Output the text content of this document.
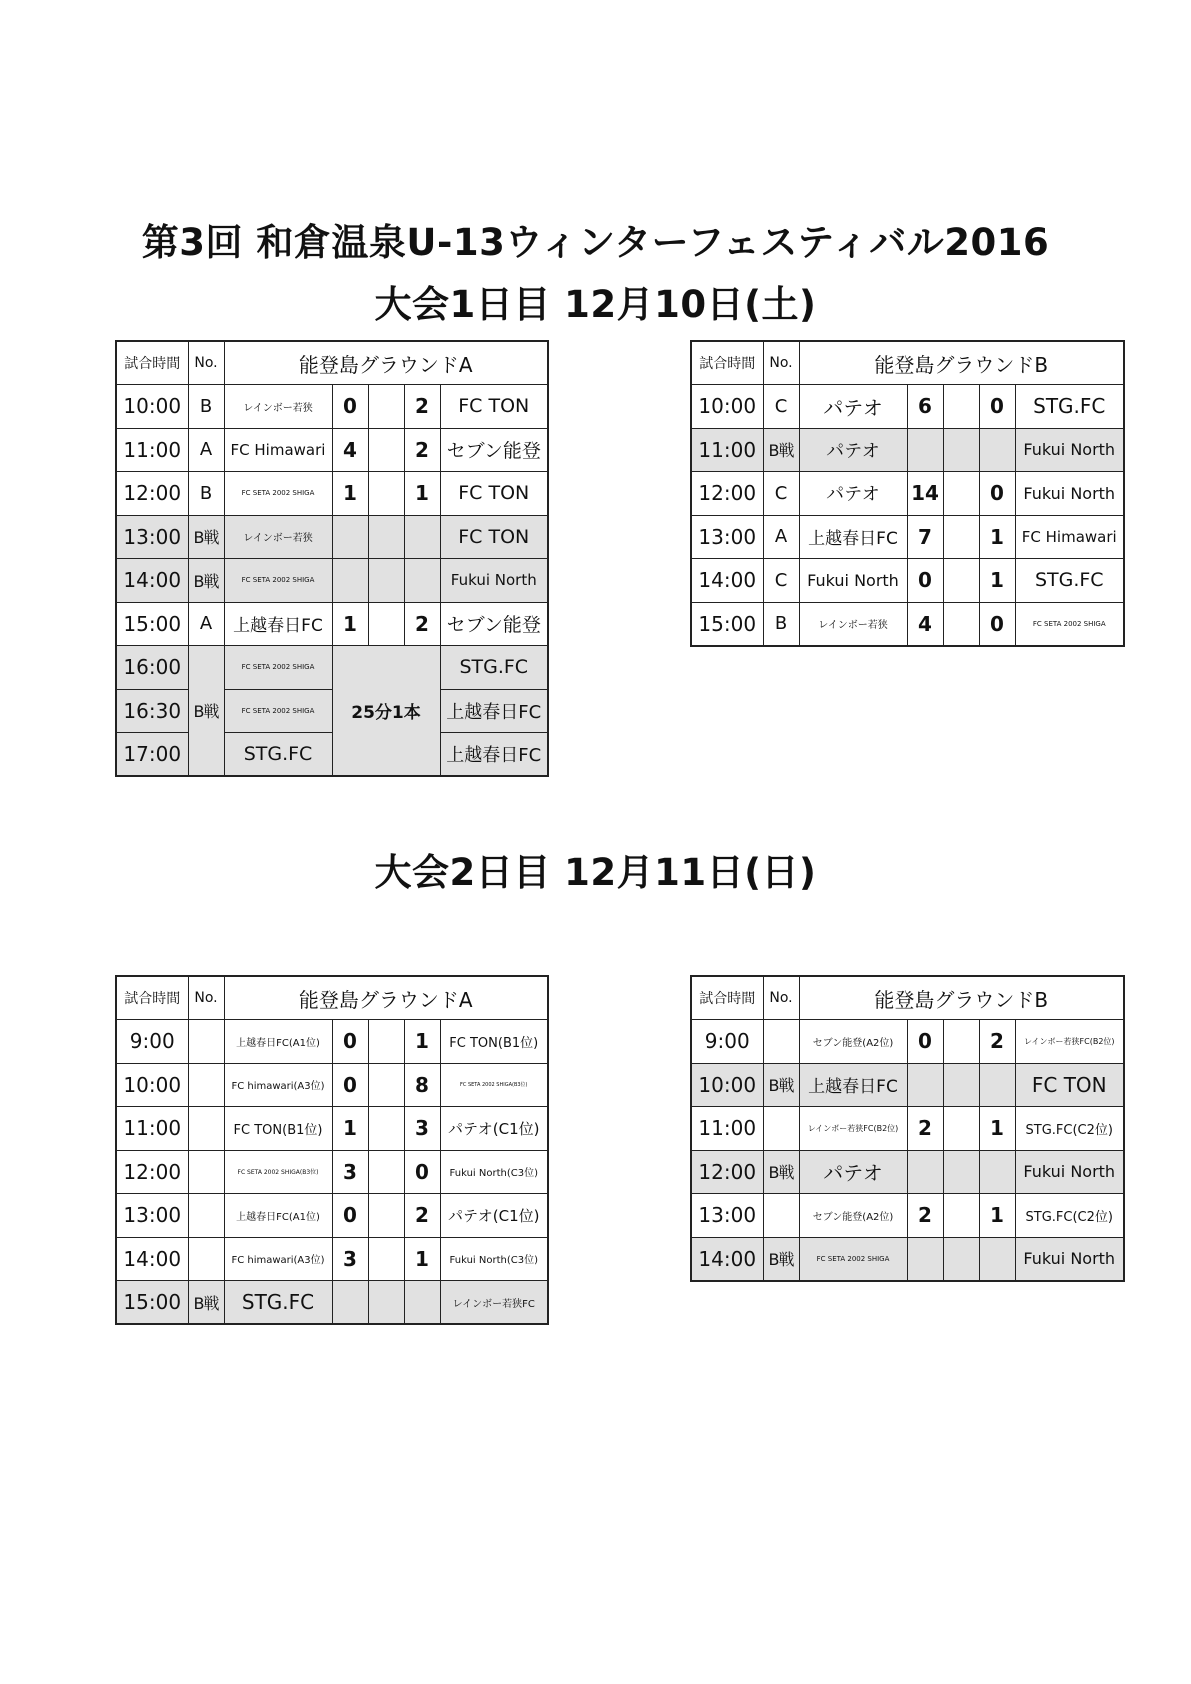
第3回 和倉温泉U-13ウィンターフェスティバル2016
大会1日目 12月10日(土)
大会2日目 12月11日(日)
試合時間	No.	能登島グラウンドA				
10:00	B	レインボー若狭	0		2	FC TON
11:00	A	FC Himawari	4		2	セブン能登
12:00	B	FC SETA 2002 SHIGA	1		1	FC TON
13:00	B戦	レインボー若狭				FC TON
14:00	B戦	FC SETA 2002 SHIGA				Fukui North
15:00	A	上越春日FC	1		2	セブン能登
16:00	B戦	FC SETA 2002 SHIGA	25分1本			STG.FC
16:30		FC SETA 2002 SHIGA				上越春日FC
17:00		STG.FC				上越春日FC
試合時間	No.	能登島グラウンドB				
10:00	C	パテオ	6		0	STG.FC
11:00	B戦	パテオ				Fukui North
12:00	C	パテオ	14		0	Fukui North
13:00	A	上越春日FC	7		1	FC Himawari
14:00	C	Fukui North	0		1	STG.FC
15:00	B	レインボー若狭	4		0	FC SETA 2002 SHIGA
試合時間	No.	能登島グラウンドA				
9:00		上越春日FC(A1位)	0		1	FC TON(B1位)
10:00		FC himawari(A3位)	0		8	FC SETA 2002 SHIGA(B3位)
11:00		FC TON(B1位)	1		3	パテオ(C1位)
12:00		FC SETA 2002 SHIGA(B3位)	3		0	Fukui North(C3位)
13:00		上越春日FC(A1位)	0		2	パテオ(C1位)
14:00		FC himawari(A3位)	3		1	Fukui North(C3位)
15:00	B戦	STG.FC				レインボー若狭FC
試合時間	No.	能登島グラウンドB				
9:00		セブン能登(A2位)	0		2	レインボー若狭FC(B2位)
10:00	B戦	上越春日FC				FC TON
11:00		レインボー若狭FC(B2位)	2		1	STG.FC(C2位)
12:00	B戦	パテオ				Fukui North
13:00		セブン能登(A2位)	2		1	STG.FC(C2位)
14:00	B戦	FC SETA 2002 SHIGA				Fukui North
